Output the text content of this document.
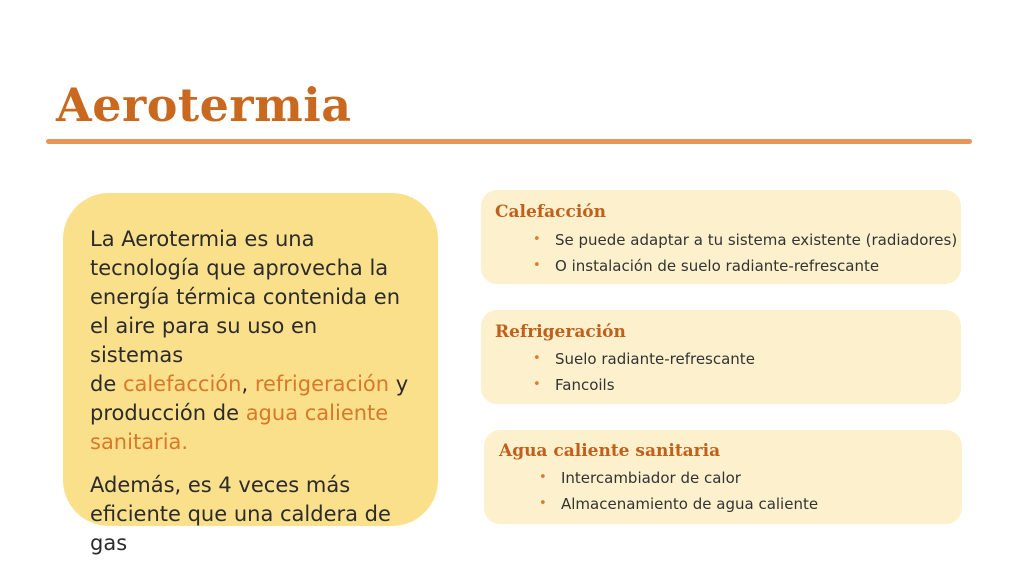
Aerotermia

La Aerotermia es una
tecnología que aprovecha la
energía térmica contenida en
el aire para su uso en sistemas
de calefacción, refrigeración y
producción de agua caliente
sanitaria.

Además, es 4 veces más
eficiente que una caldera de gas

Calefacción
• Se puede adaptar a tu sistema existente (radiadores)
• O instalación de suelo radiante-refrescante
Refrigeración
• Suelo radiante-refrescante
• Fancoils
Agua caliente sanitaria
• Intercambiador de calor
• Almacenamiento de agua caliente
